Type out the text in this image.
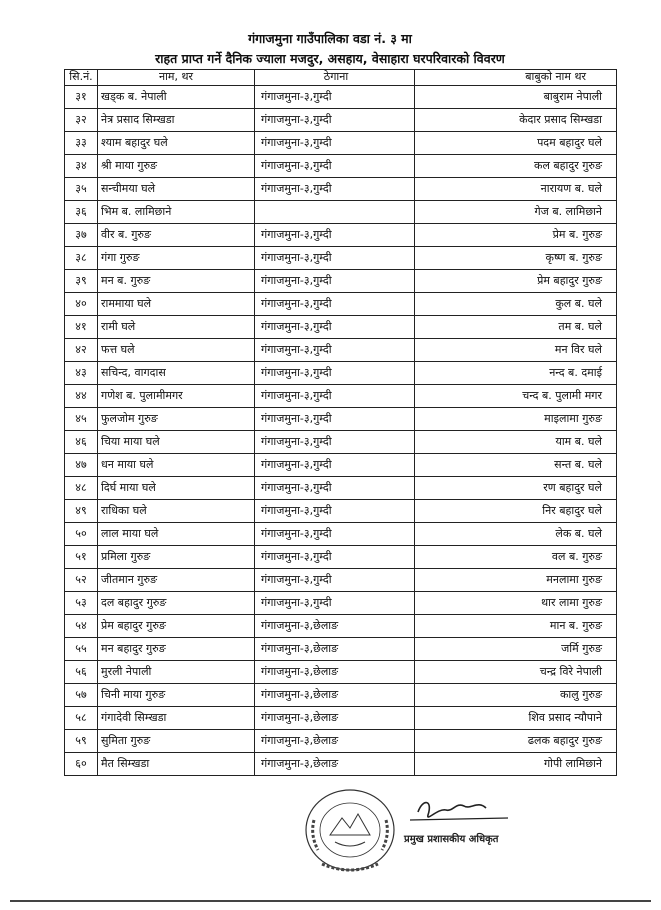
गंगाजमुना गाउँपालिका वडा नं. ३ मा
राहत प्राप्त गर्ने दैनिक ज्याला मजदुर, असहाय, वेसाहारा घरपरिवारको विवरण
सि.नं.	नाम, थर	ठेगाना	बाबुको नाम थर
३१	खड्क ब. नेपाली	गंगाजमुना-३,गुम्दी	बाबुराम नेपाली
३२	नेत्र प्रसाद सिम्खडा	गंगाजमुना-३,गुम्दी	केदार प्रसाद सिम्खडा
३३	श्याम बहादुर घले	गंगाजमुना-३,गुम्दी	पदम बहादुर घले
३४	श्री माया गुरुङ	गंगाजमुना-३,गुम्दी	कल बहादुर गुरुङ
३५	सन्चीमया घले	गंगाजमुना-३,गुम्दी	नारायण ब. घले
३६	भिम ब. लामिछाने		गेज ब. लामिछाने
३७	वीर ब. गुरुङ	गंगाजमुना-३,गुम्दी	प्रेम ब. गुरुङ
३८	गंगा गुरुङ	गंगाजमुना-३,गुम्दी	कृष्ण ब. गुरुङ
३९	मन ब. गुरुङ	गंगाजमुना-३,गुम्दी	प्रेम बहादुर गुरुङ
४०	राममाया घले	गंगाजमुना-३,गुम्दी	कुल ब. घले
४१	रामी घले	गंगाजमुना-३,गुम्दी	तम ब. घले
४२	फत्त घले	गंगाजमुना-३,गुम्दी	मन विर घले
४३	सचिन्द, वागदास	गंगाजमुना-३,गुम्दी	नन्द ब. दमाई
४४	गणेश ब. पुलामीमगर	गंगाजमुना-३,गुम्दी	चन्द ब. पुलामी मगर
४५	फुलजोम गुरुङ	गंगाजमुना-३,गुम्दी	माइलामा गुरुङ
४६	चिया माया घले	गंगाजमुना-३,गुम्दी	याम ब. घले
४७	धन माया घले	गंगाजमुना-३,गुम्दी	सन्त ब. घले
४८	दिर्घ माया घले	गंगाजमुना-३,गुम्दी	रण बहादुर घले
४९	राधिका घले	गंगाजमुना-३,गुम्दी	निर बहादुर घले
५०	लाल माया घले	गंगाजमुना-३,गुम्दी	लेक ब. घले
५१	प्रमिला गुरुङ	गंगाजमुना-३,गुम्दी	वल ब. गुरुङ
५२	जीतमान गुरुङ	गंगाजमुना-३,गुम्दी	मनलामा गुरुङ
५३	दल बहादुर गुरुङ	गंगाजमुना-३,गुम्दी	थार लामा गुरुङ
५४	प्रेम बहादुर गुरुङ	गंगाजमुना-३,छेलाङ	मान ब. गुरुङ
५५	मन बहादुर गुरुङ	गंगाजमुना-३,छेलाङ	जर्मि गुरुङ
५६	मुरली नेपाली	गंगाजमुना-३,छेलाङ	चन्द्र विरे नेपाली
५७	चिनी माया गुरुङ	गंगाजमुना-३,छेलाङ	कालु गुरुङ
५८	गंगादेवी सिम्खडा	गंगाजमुना-३,छेलाङ	शिव प्रसाद न्यौपाने
५९	सुमिता गुरुङ	गंगाजमुना-३,छेलाङ	ढलक बहादुर गुरुङ
६०	मैत सिम्खडा	गंगाजमुना-३,छेलाङ	गोपी लामिछाने
प्रमुख प्रशासकीय अधिकृत
